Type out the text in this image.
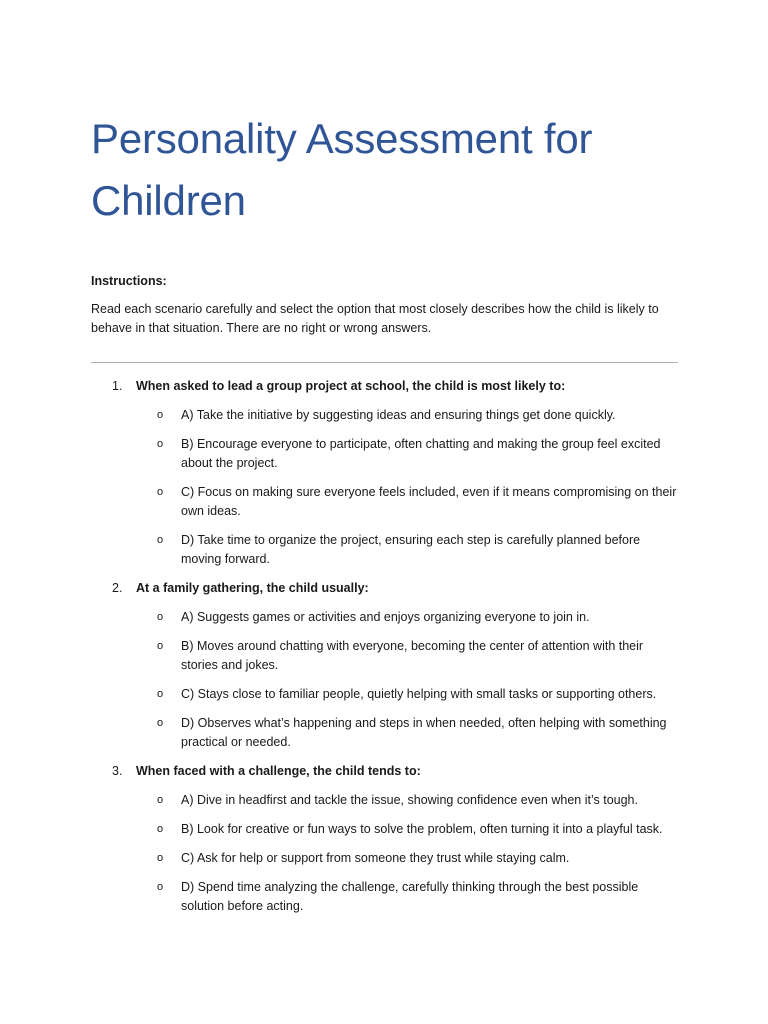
Personality Assessment for Children

Instructions:

Read each scenario carefully and select the option that most closely describes how the child is likely to behave in that situation. There are no right or wrong answers.

1. When asked to lead a group project at school, the child is most likely to:
o A) Take the initiative by suggesting ideas and ensuring things get done quickly.
o B) Encourage everyone to participate, often chatting and making the group feel excited about the project.
o C) Focus on making sure everyone feels included, even if it means compromising on their own ideas.
o D) Take time to organize the project, ensuring each step is carefully planned before moving forward.
2. At a family gathering, the child usually:
o A) Suggests games or activities and enjoys organizing everyone to join in.
o B) Moves around chatting with everyone, becoming the center of attention with their stories and jokes.
o C) Stays close to familiar people, quietly helping with small tasks or supporting others.
o D) Observes what’s happening and steps in when needed, often helping with something practical or needed.
3. When faced with a challenge, the child tends to:
o A) Dive in headfirst and tackle the issue, showing confidence even when it’s tough.
o B) Look for creative or fun ways to solve the problem, often turning it into a playful task.
o C) Ask for help or support from someone they trust while staying calm.
o D) Spend time analyzing the challenge, carefully thinking through the best possible solution before acting.
